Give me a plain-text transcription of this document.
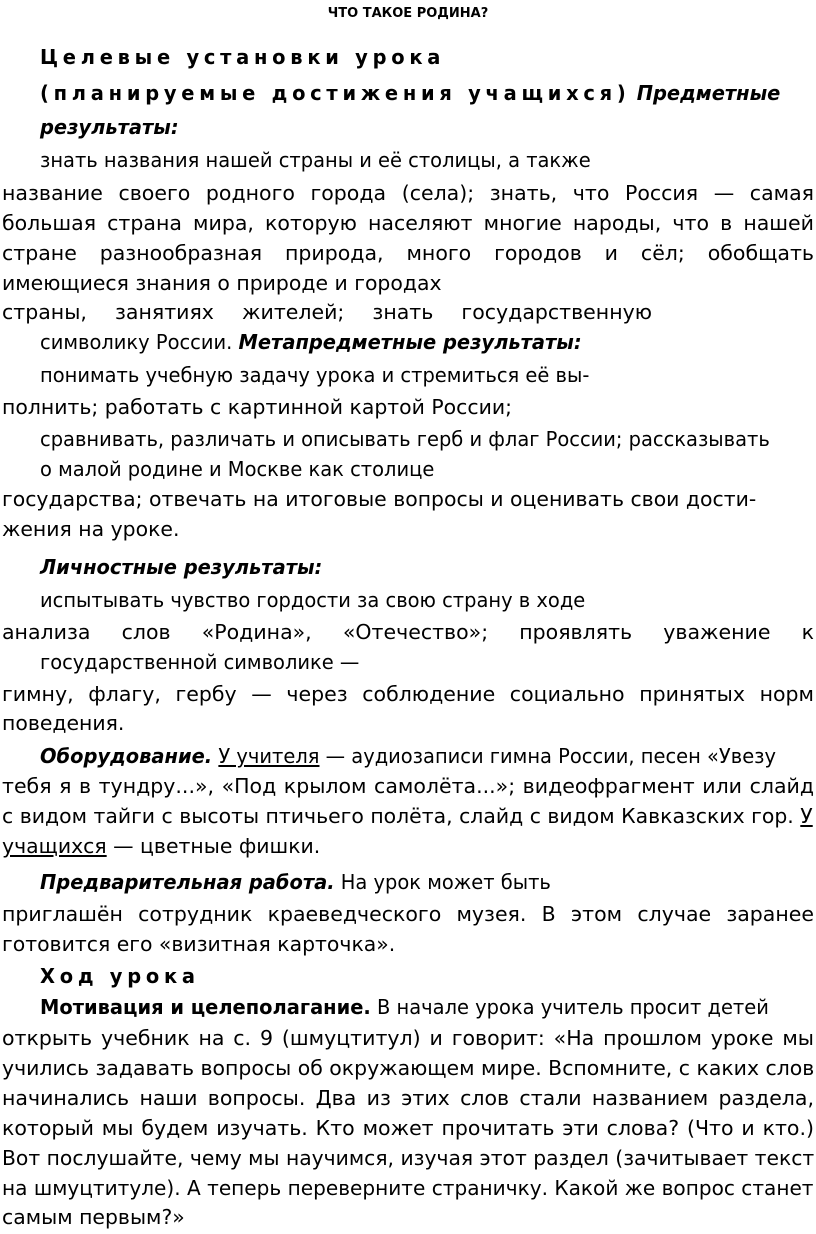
ЧТО ТАКОЕ РОДИНА?
Целевые установки урока
(планируемые достижения учащихся) Предметные
результаты:
знать названия нашей страны и её столицы, а также
название своего родного города (села); знать, что Россия — самая
большая страна мира, которую населяют многие народы, что в нашей
стране разнообразная природа, много городов и сёл; обобщать
имеющиеся знания о природе и городах
страны, занятиях жителей; знать государственную
символику России. Метапредметные результаты:
понимать учебную задачу урока и стремиться её вы-
полнить; работать с картинной картой России;
сравнивать, различать и описывать герб и флаг России; рассказывать
о малой родине и Москве как столице
государства; отвечать на итоговые вопросы и оценивать свои дости-
жения на уроке.
Личностные результаты:
испытывать чувство гордости за свою страну в ходе
анализа слов «Родина», «Отечество»; проявлять уважение к
государственной символике —
гимну, флагу, гербу — через соблюдение социально принятых норм
поведения.
Оборудование. У учителя — аудиозаписи гимна России, песен «Увезу
тебя я в тундру...», «Под крылом самолёта...»; видеофрагмент или слайд
с видом тайги с высоты птичьего полёта, слайд с видом Кавказских гор. У
учащихся — цветные фишки.
Предварительная работа. На урок может быть
приглашён сотрудник краеведческого музея. В этом случае заранее
готовится его «визитная карточка».
Ход урока
Мотивация и целеполагание. В начале урока учитель просит детей
открыть учебник на с. 9 (шмуцтитул) и говорит: «На прошлом уроке мы
учились задавать вопросы об окружающем мире. Вспомните, с каких слов
начинались наши вопросы. Два из этих слов стали названием раздела,
который мы будем изучать. Кто может прочитать эти слова? (Что и кто.)
Вот послушайте, чему мы научимся, изучая этот раздел (зачитывает текст
на шмуцтитуле). А теперь переверните страничку. Какой же вопрос станет
самым первым?»
